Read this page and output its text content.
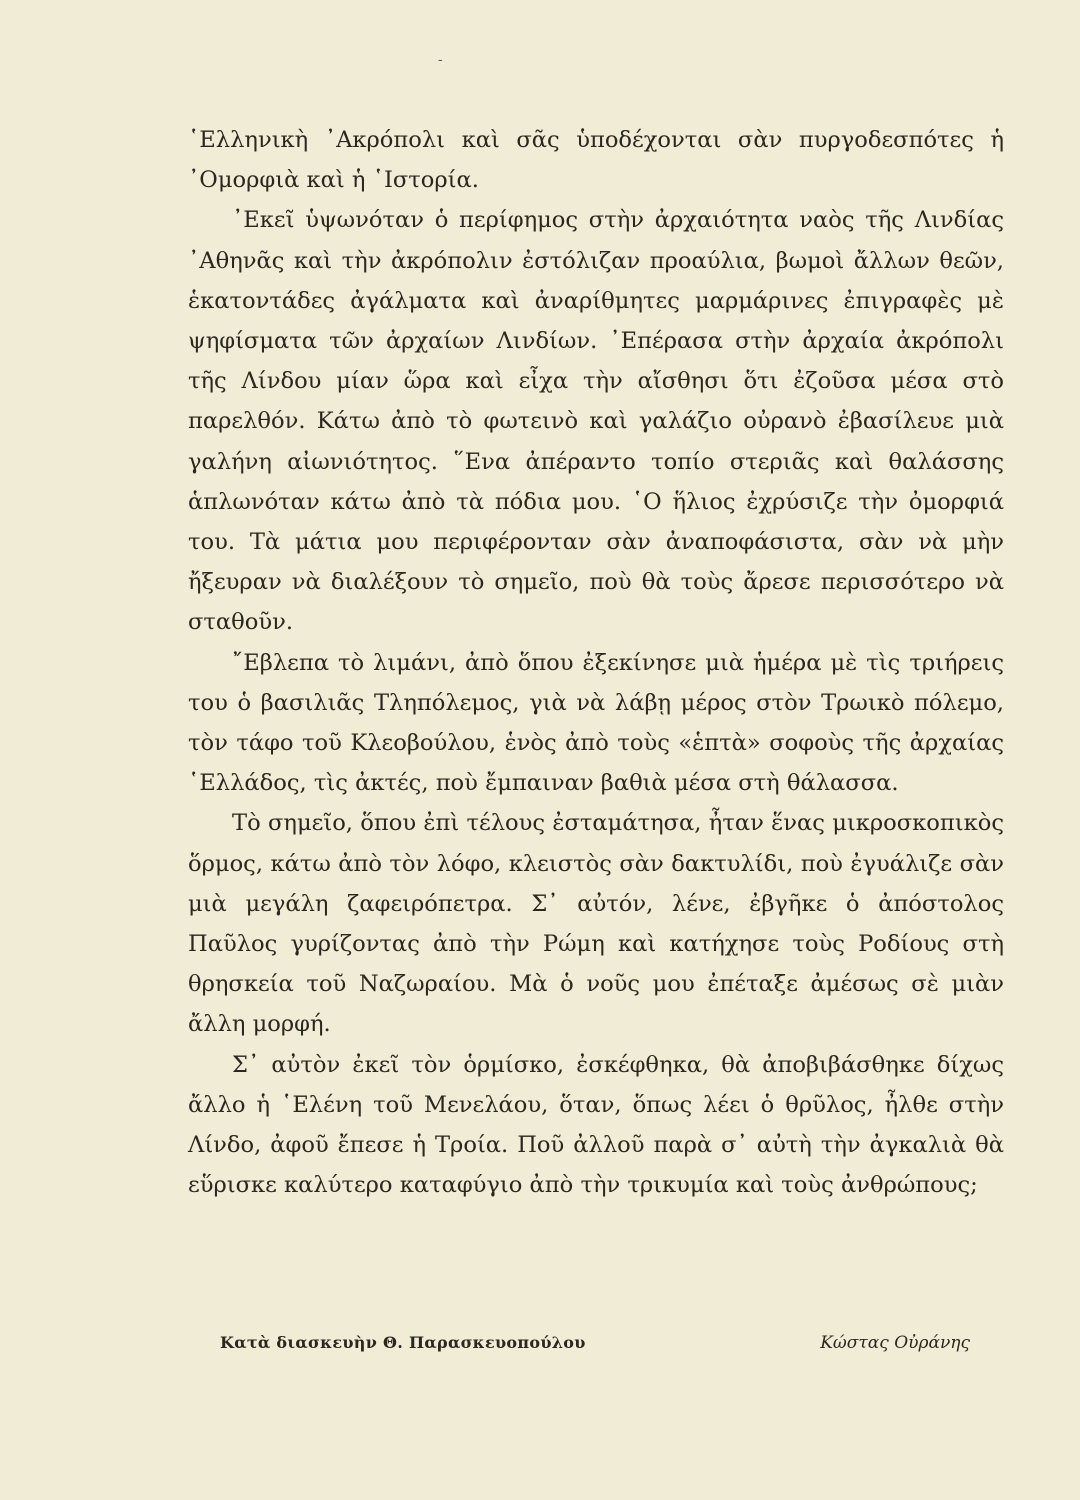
-

῾Ελληνικὴ ᾿Ακρόπολι καὶ σᾶς ὑποδέχονται σὰν πυργοδεσπότες ἡ ᾿Ομορφιὰ καὶ ἡ ῾Ιστορία.

᾿Εκεῖ ὑψωνόταν ὁ περίφημος στὴν ἀρχαιότητα ναὸς τῆς Λινδίας ᾿Αθηνᾶς καὶ τὴν ἀκρόπολιν ἐστόλιζαν προαύλια, βωμοὶ ἄλλων θεῶν, ἑκατοντάδες ἀγάλματα καὶ ἀναρίθμητες μαρμάρινες ἐπιγραφὲς μὲ ψηφίσματα τῶν ἀρχαίων Λινδίων. ᾿Επέρασα στὴν ἀρχαία ἀκρόπολι τῆς Λίνδου μίαν ὥρα καὶ εἶχα τὴν αἴσθησι ὅτι ἐζοῦσα μέσα στὸ παρελθόν. Κάτω ἀπὸ τὸ φωτεινὸ καὶ γαλάζιο οὐρανὸ ἐβασίλευε μιὰ γαλήνη αἰωνιότητος. ῞Ενα ἀπέραντο τοπίο στεριᾶς καὶ θαλάσσης ἁπλωνόταν κάτω ἀπὸ τὰ πόδια μου. ῾Ο ἥλιος ἐχρύσιζε τὴν ὀμορφιά του. Τὰ μάτια μου περιφέρονταν σὰν ἀναποφάσιστα, σὰν νὰ μὴν ἤξευραν νὰ διαλέξουν τὸ σημεῖο, ποὺ θὰ τοὺς ἄρεσε περισσότερο νὰ σταθοῦν.

῎Εβλεπα τὸ λιμάνι, ἀπὸ ὅπου ἐξεκίνησε μιὰ ἡμέρα μὲ τὶς τριήρεις του ὁ βασιλιᾶς Τληπόλεμος, γιὰ νὰ λάβῃ μέρος στὸν Τρωικὸ πόλεμο, τὸν τάφο τοῦ Κλεοβούλου, ἑνὸς ἀπὸ τοὺς «ἑπτὰ» σοφοὺς τῆς ἀρχαίας ῾Ελλάδος, τὶς ἀκτές, ποὺ ἔμπαιναν βαθιὰ μέσα στὴ θάλασσα.

Τὸ σημεῖο, ὅπου ἐπὶ τέλους ἐσταμάτησα, ἦταν ἕνας μικροσκοπικὸς ὅρμος, κάτω ἀπὸ τὸν λόφο, κλειστὸς σὰν δακτυλίδι, ποὺ ἐγυάλιζε σὰν μιὰ μεγάλη ζαφειρόπετρα. Σ᾿ αὐτόν, λένε, ἐβγῆκε ὁ ἀπόστολος Παῦλος γυρίζοντας ἀπὸ τὴν Ρώμη καὶ κατήχησε τοὺς Ροδίους στὴ θρησκεία τοῦ Ναζωραίου. Μὰ ὁ νοῦς μου ἐπέταξε ἀμέσως σὲ μιὰν ἄλλη μορφή.

Σ᾿ αὐτὸν ἐκεῖ τὸν ὁρμίσκο, ἐσκέφθηκα, θὰ ἀποβιβάσθηκε δίχως ἄλλο ἡ ῾Ελένη τοῦ Μενελάου, ὅταν, ὅπως λέει ὁ θρῦλος, ἦλθε στὴν Λίνδο, ἀφοῦ ἔπεσε ἡ Τροία. Ποῦ ἀλλοῦ παρὰ σ᾿ αὐτὴ τὴν ἀγκαλιὰ θὰ εὕρισκε καλύτερο καταφύγιο ἀπὸ τὴν τρικυμία καὶ τοὺς ἀνθρώπους;

Κατὰ διασκευὴν Θ. Παρασκευοπούλου	Κώστας Οὐράνης
